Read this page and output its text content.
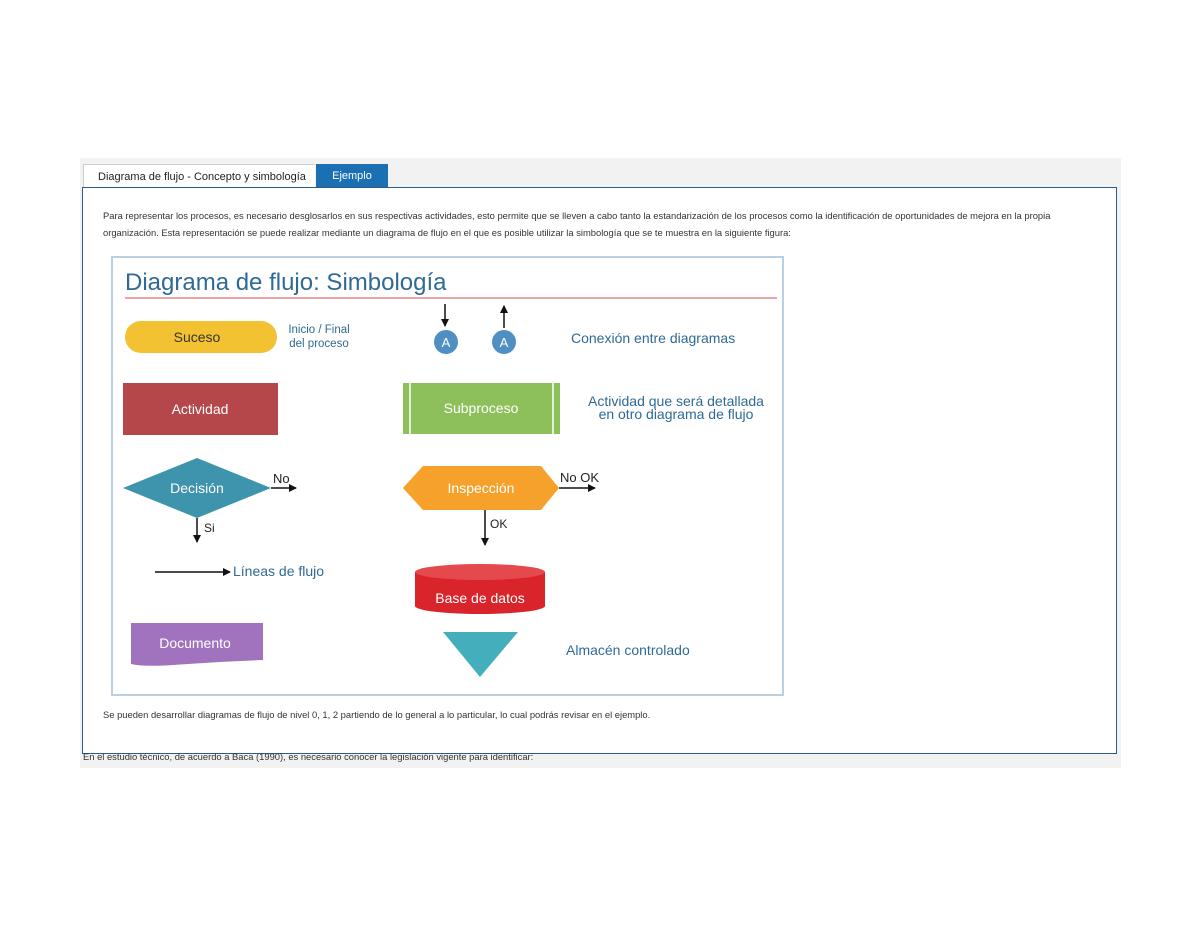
Diagrama de flujo - Concepto y simbología	Ejemplo

Para representar los procesos, es necesario desglosarlos en sus respectivas actividades, esto permite que se lleven a cabo tanto la estandarización de los procesos como la identificación de oportunidades de mejora en la propia organización. Esta representación se puede realizar mediante un diagrama de flujo en el que es posible utilizar la simbología que se te muestra en la siguiente figura:

Diagrama de flujo: Simbología
Suceso	Inicio / Final
del proceso	A	A	Conexión entre diagramas
Actividad	Subproceso	Actividad que será detallada
en otro diagrama de flujo
Decisión
No
Si
Inspección
No OK
OK
Líneas de flujo
Base de datos
Documento	Almacén controlado

Se pueden desarrollar diagramas de flujo de nivel 0, 1, 2 partiendo de lo general a lo particular, lo cual podrás revisar en el ejemplo.

En el estudio técnico, de acuerdo a Baca (1990), es necesario conocer la legislación vigente para identificar:
